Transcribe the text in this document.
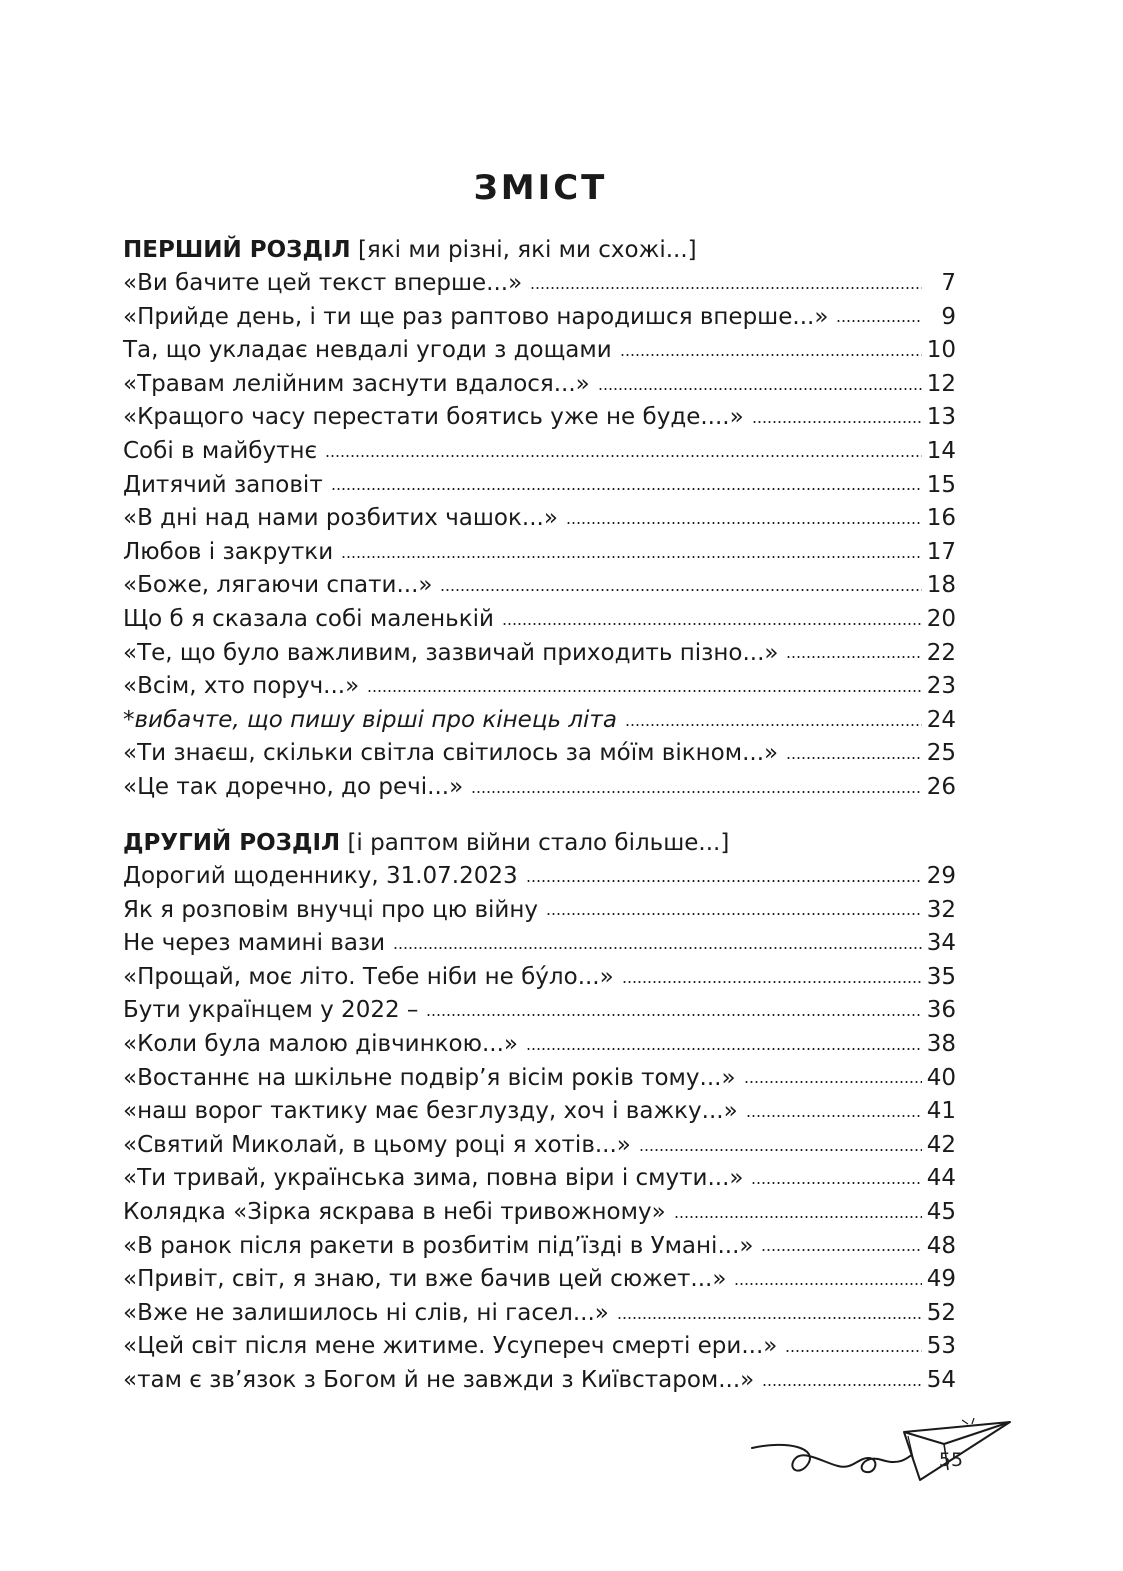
ЗМІСТ
ПЕРШИЙ РОЗДІЛ [які ми різні, які ми схожі...]
«Ви бачите цей текст вперше...»	7
«Прийде день, і ти ще раз раптово народишся вперше...»	9
Та, що укладає невдалі угоди з дощами	10
«Травам лелійним заснути вдалося...»	12
«Кращого часу перестати боятись уже не буде....»	13
Собі в майбутнє	14
Дитячий заповіт	15
«В дні над нами розбитих чашок...»	16
Любов і закрутки	17
«Боже, лягаючи спати...»	18
Що б я сказала собі маленькій	20
«Те, що було важливим, зазвичай приходить пізно...»	22
«Всім, хто поруч...»	23
*вибачте, що пишу вірші про кінець літа	24
«Ти знаєш, скільки світла світилось за мо́їм вікном...»	25
«Це так доречно, до речі...»	26
ДРУГИЙ РОЗДІЛ [і раптом війни стало більше...]
Дорогий щоденнику, 31.07.2023	29
Як я розповім внучці про цю війну	32
Не через мамині вази	34
«Прощай, моє літо. Тебе ніби не бу́ло...»	35
Бути українцем у 2022 –	36
«Коли була малою дівчинкою...»	38
«Востаннє на шкільне подвір’я вісім років тому...»	40
«наш ворог тактику має безглузду, хоч і важку...»	41
«Святий Миколай, в цьому році я хотів...»	42
«Ти тривай, українська зима, повна віри і смути...»	44
Колядка «Зірка яскрава в небі тривожному»	45
«В ранок після ракети в розбитім під’їзді в Умані...»	48
«Привіт, світ, я знаю, ти вже бачив цей сюжет...»	49
«Вже не залишилось ні слів, ні гасел...»	52
«Цей світ після мене житиме. Усупереч смерті ери...»	53
«там є зв’язок з Богом й не завжди з Київстаром...»	54
55
